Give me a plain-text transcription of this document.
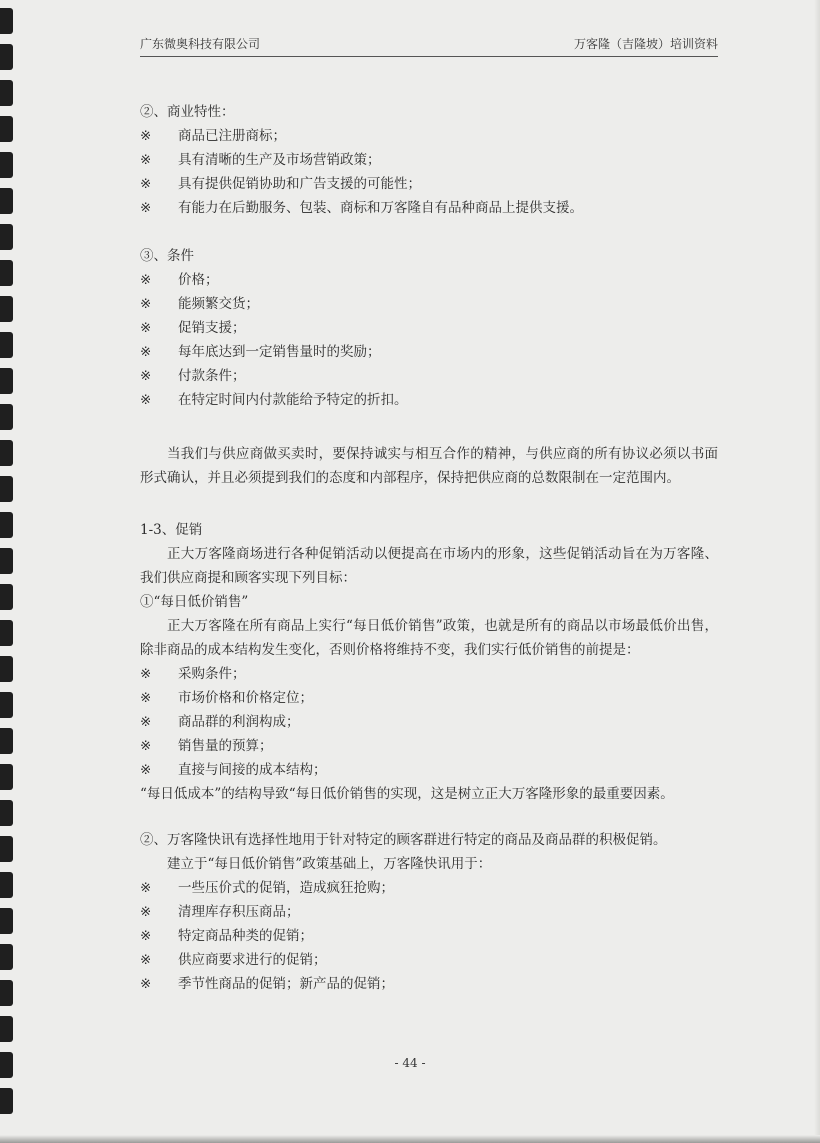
广东微奥科技有限公司	万客隆（吉隆坡）培训资料
②、商业特性：
※	商品已注册商标；
※	具有清晰的生产及市场营销政策；
※	具有提供促销协助和广告支援的可能性；
※	有能力在后勤服务、包装、商标和万客隆自有品种商品上提供支援。
③、条件
※	价格；
※	能频繁交货；
※	促销支援；
※	每年底达到一定销售量时的奖励；
※	付款条件；
※	在特定时间内付款能给予特定的折扣。

当我们与供应商做买卖时，要保持诚实与相互合作的精神，与供应商的所有协议必须以书面形式确认，并且必须提到我们的态度和内部程序，保持把供应商的总数限制在一定范围内。

1-3、促销

正大万客隆商场进行各种促销活动以便提高在市场内的形象，这些促销活动旨在为万客隆、我们供应商提和顾客实现下列目标：

①“每日低价销售”

正大万客隆在所有商品上实行“每日低价销售”政策，也就是所有的商品以市场最低价出售，除非商品的成本结构发生变化，否则价格将维持不变，我们实行低价销售的前提是：

※	采购条件；
※	市场价格和价格定位；
※	商品群的利润构成；
※	销售量的预算；
※	直接与间接的成本结构；

“每日低成本”的结构导致“每日低价销售的实现，这是树立正大万客隆形象的最重要因素。

②、万客隆快讯有选择性地用于针对特定的顾客群进行特定的商品及商品群的积极促销。

建立于“每日低价销售”政策基础上，万客隆快讯用于：

※	一些压价式的促销，造成疯狂抢购；
※	清理库存积压商品；
※	特定商品种类的促销；
※	供应商要求进行的促销；
※	季节性商品的促销；新产品的促销；
- 44 -
